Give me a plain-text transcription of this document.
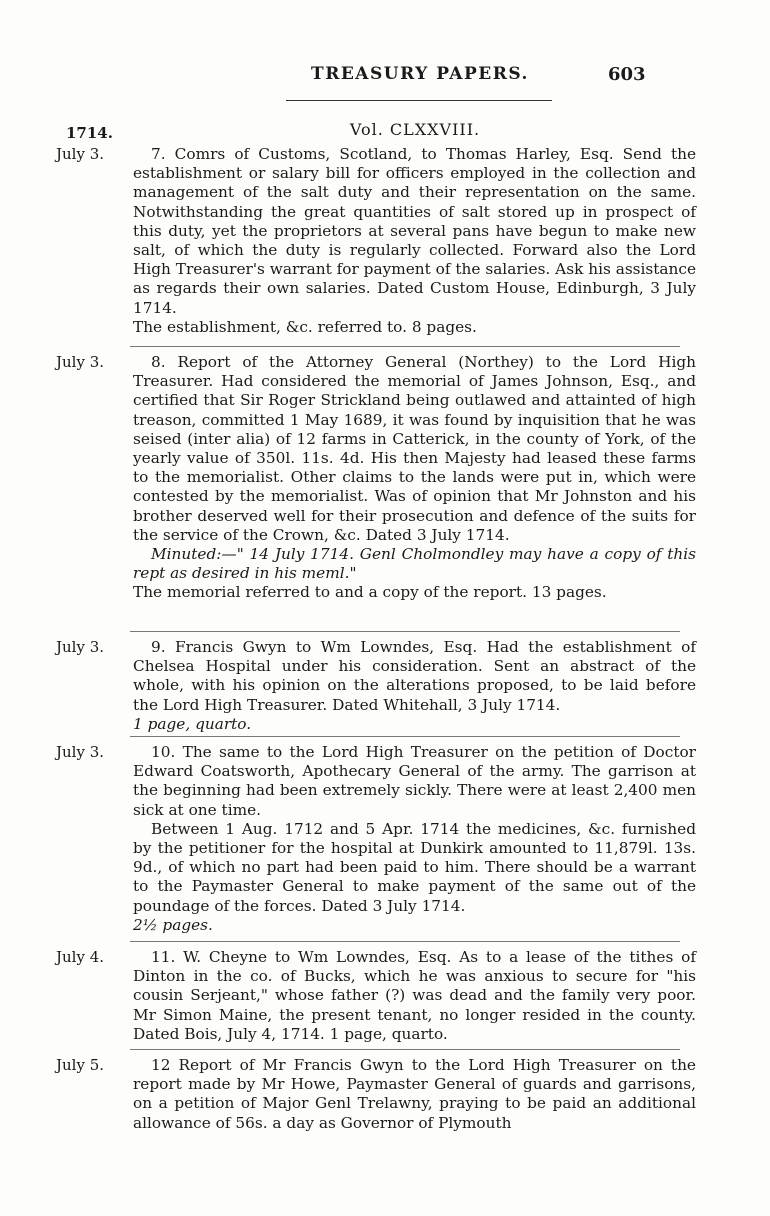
TREASURY PAPERS.	603
1714.	Vol. CLXXVIII.
July 3.	7. Comrs of Customs, Scotland, to Thomas Harley, Esq. Send the establishment or salary bill for officers employed in the collection and management of the salt duty and their representation on the same. Notwithstanding the great quantities of salt stored up in prospect of this duty, yet the proprietors at several pans have begun to make new salt, of which the duty is regularly collected. Forward also the Lord High Treasurer's warrant for payment of the salaries. Ask his assistance as regards their own salaries. Dated Custom House, Edinburgh, 3 July 1714.

The establishment, &c. referred to. 8 pages.

July 3.	8. Report of the Attorney General (Northey) to the Lord High Treasurer. Had considered the memorial of James Johnson, Esq., and certified that Sir Roger Strickland being outlawed and attainted of high treason, committed 1 May 1689, it was found by inquisition that he was seised (inter alia) of 12 farms in Catterick, in the county of York, of the yearly value of 350l. 11s. 4d. His then Majesty had leased these farms to the memorialist. Other claims to the lands were put in, which were contested by the memorialist. Was of opinion that Mr Johnston and his brother deserved well for their prosecution and defence of the suits for the service of the Crown, &c. Dated 3 July 1714.

Minuted:—" 14 July 1714. Genl Cholmondley may have a copy of this rept as desired in his meml."

The memorial referred to and a copy of the report. 13 pages.

July 3.	9. Francis Gwyn to Wm Lowndes, Esq. Had the establishment of Chelsea Hospital under his consideration. Sent an abstract of the whole, with his opinion on the alterations proposed, to be laid before the Lord High Treasurer. Dated Whitehall, 3 July 1714.

1 page, quarto.

July 3.	10. The same to the Lord High Treasurer on the petition of Doctor Edward Coatsworth, Apothecary General of the army. The garrison at the beginning had been extremely sickly. There were at least 2,400 men sick at one time.

Between 1 Aug. 1712 and 5 Apr. 1714 the medicines, &c. furnished by the petitioner for the hospital at Dunkirk amounted to 11,879l. 13s. 9d., of which no part had been paid to him. There should be a warrant to the Paymaster General to make payment of the same out of the poundage of the forces. Dated 3 July 1714.

2½ pages.

July 4.	11. W. Cheyne to Wm Lowndes, Esq. As to a lease of the tithes of Dinton in the co. of Bucks, which he was anxious to secure for "his cousin Serjeant," whose father (?) was dead and the family very poor. Mr Simon Maine, the present tenant, no longer resided in the county. Dated Bois, July 4, 1714. 1 page, quarto.

July 5.	12 Report of Mr Francis Gwyn to the Lord High Treasurer on the report made by Mr Howe, Paymaster General of guards and garrisons, on a petition of Major Genl Trelawny, praying to be paid an additional allowance of 56s. a day as Governor of Plymouth
